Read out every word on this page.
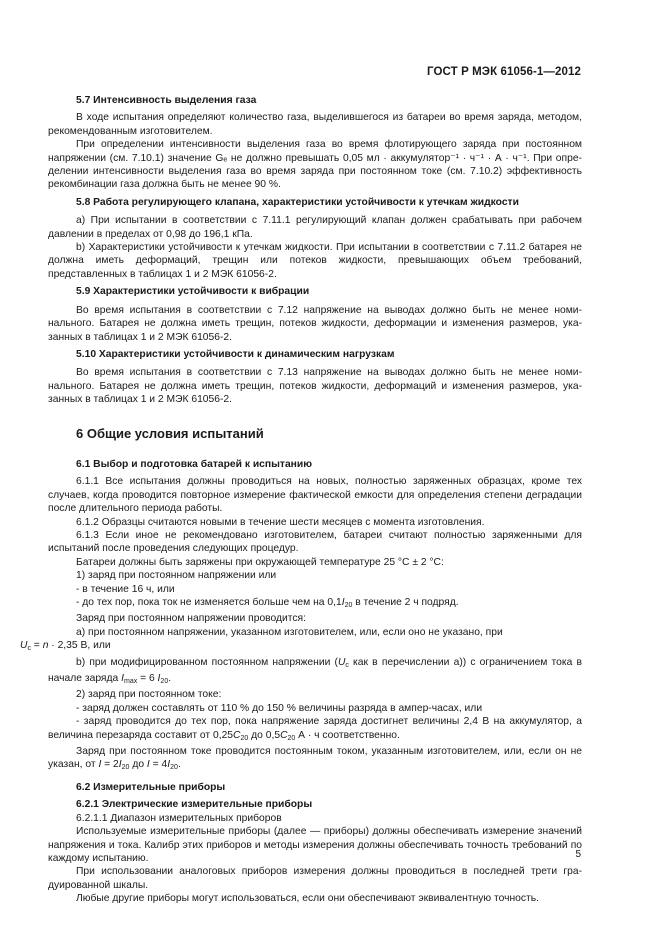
ГОСТ Р МЭК 61056-1—2012
5.7 Интенсивность выделения газа

В ходе испытания определяют количество газа, выделившегося из батареи во время заряда, методом, рекомендованным изготовителем.

При определении интенсивности выделения газа во время флотирующего заряда при постоянном напряжении (см. 7.10.1) значение Gₑ не должно превышать 0,05 мл · аккумулятор⁻¹ · ч⁻¹ · А · ч⁻¹. При определении интенсивности выделения газа во время заряда при постоянном токе (см. 7.10.2) эффективность рекомбинации газа должна быть не менее 90 %.

5.8 Работа регулирующего клапана, характеристики устойчивости к утечкам жидкости

а) При испытании в соответствии с 7.11.1 регулирующий клапан должен срабатывать при рабочем давлении в пределах от 0,98 до 196,1 кПа.

b) Характеристики устойчивости к утечкам жидкости. При испытании в соответствии с 7.11.2 батарея не должна иметь деформаций, трещин или потеков жидкости, превышающих объем требований, представленных в таблицах 1 и 2 МЭК 61056-2.

5.9 Характеристики устойчивости к вибрации

Во время испытания в соответствии с 7.12 напряжение на выводах должно быть не менее номинального. Батарея не должна иметь трещин, потеков жидкости, деформации и изменения размеров, указанных в таблицах 1 и 2 МЭК 61056-2.

5.10 Характеристики устойчивости к динамическим нагрузкам

Во время испытания в соответствии с 7.13 напряжение на выводах должно быть не менее номинального. Батарея не должна иметь трещин, потеков жидкости, деформаций и изменения размеров, указанных в таблицах 1 и 2 МЭК 61056-2.

6 Общие условия испытаний
6.1 Выбор и подготовка батарей к испытанию

6.1.1 Все испытания должны проводиться на новых, полностью заряженных образцах, кроме тех случаев, когда проводится повторное измерение фактической емкости для определения степени деградации после длительного периода работы.

6.1.2 Образцы считаются новыми в течение шести месяцев с момента изготовления.

6.1.3 Если иное не рекомендовано изготовителем, батареи считают полностью заряженными для испытаний после проведения следующих процедур.

Батареи должны быть заряжены при окружающей температуре 25 °С ± 2 °С:

1) заряд при постоянном напряжении или

- в течение 16 ч, или

- до тех пор, пока ток не изменяется больше чем на $0,1I_{20}$ в течение 2 ч подряд.

Заряд при постоянном напряжении проводится:

а) при постоянном напряжении, указанном изготовителем, или, если оно не указано, при
$U_с = n \cdot 2,35$ В, или

b) при модифицированном постоянном напряжении ($U_с$ как в перечислении а)) с ограничением тока в начале заряда $I_{max} = 6$ $I_{20}$.

2) заряд при постоянном токе:

- заряд должен составлять от 110 % до 150 % величины разряда в ампер-часах, или

- заряд проводится до тех пор, пока напряжение заряда достигнет величины 2,4 В на аккумулятор, а величина перезаряда составит от $0,25С_{20}$ до $0,5С_{20}$ А · ч соответственно.

Заряд при постоянном токе проводится постоянным током, указанным изготовителем, или, если он не указан, от $I = 2I_{20}$ до $I = 4I_{20}$.

6.2 Измерительные приборы
6.2.1 Электрические измерительные приборы

6.2.1.1 Диапазон измерительных приборов

Используемые измерительные приборы (далее — приборы) должны обеспечивать измерение значений напряжения и тока. Калибр этих приборов и методы измерения должны обеспечивать точность требований по каждому испытанию.

При использовании аналоговых приборов измерения должны проводиться в последней трети градуированной шкалы.

Любые другие приборы могут использоваться, если они обеспечивают эквивалентную точность.

5
